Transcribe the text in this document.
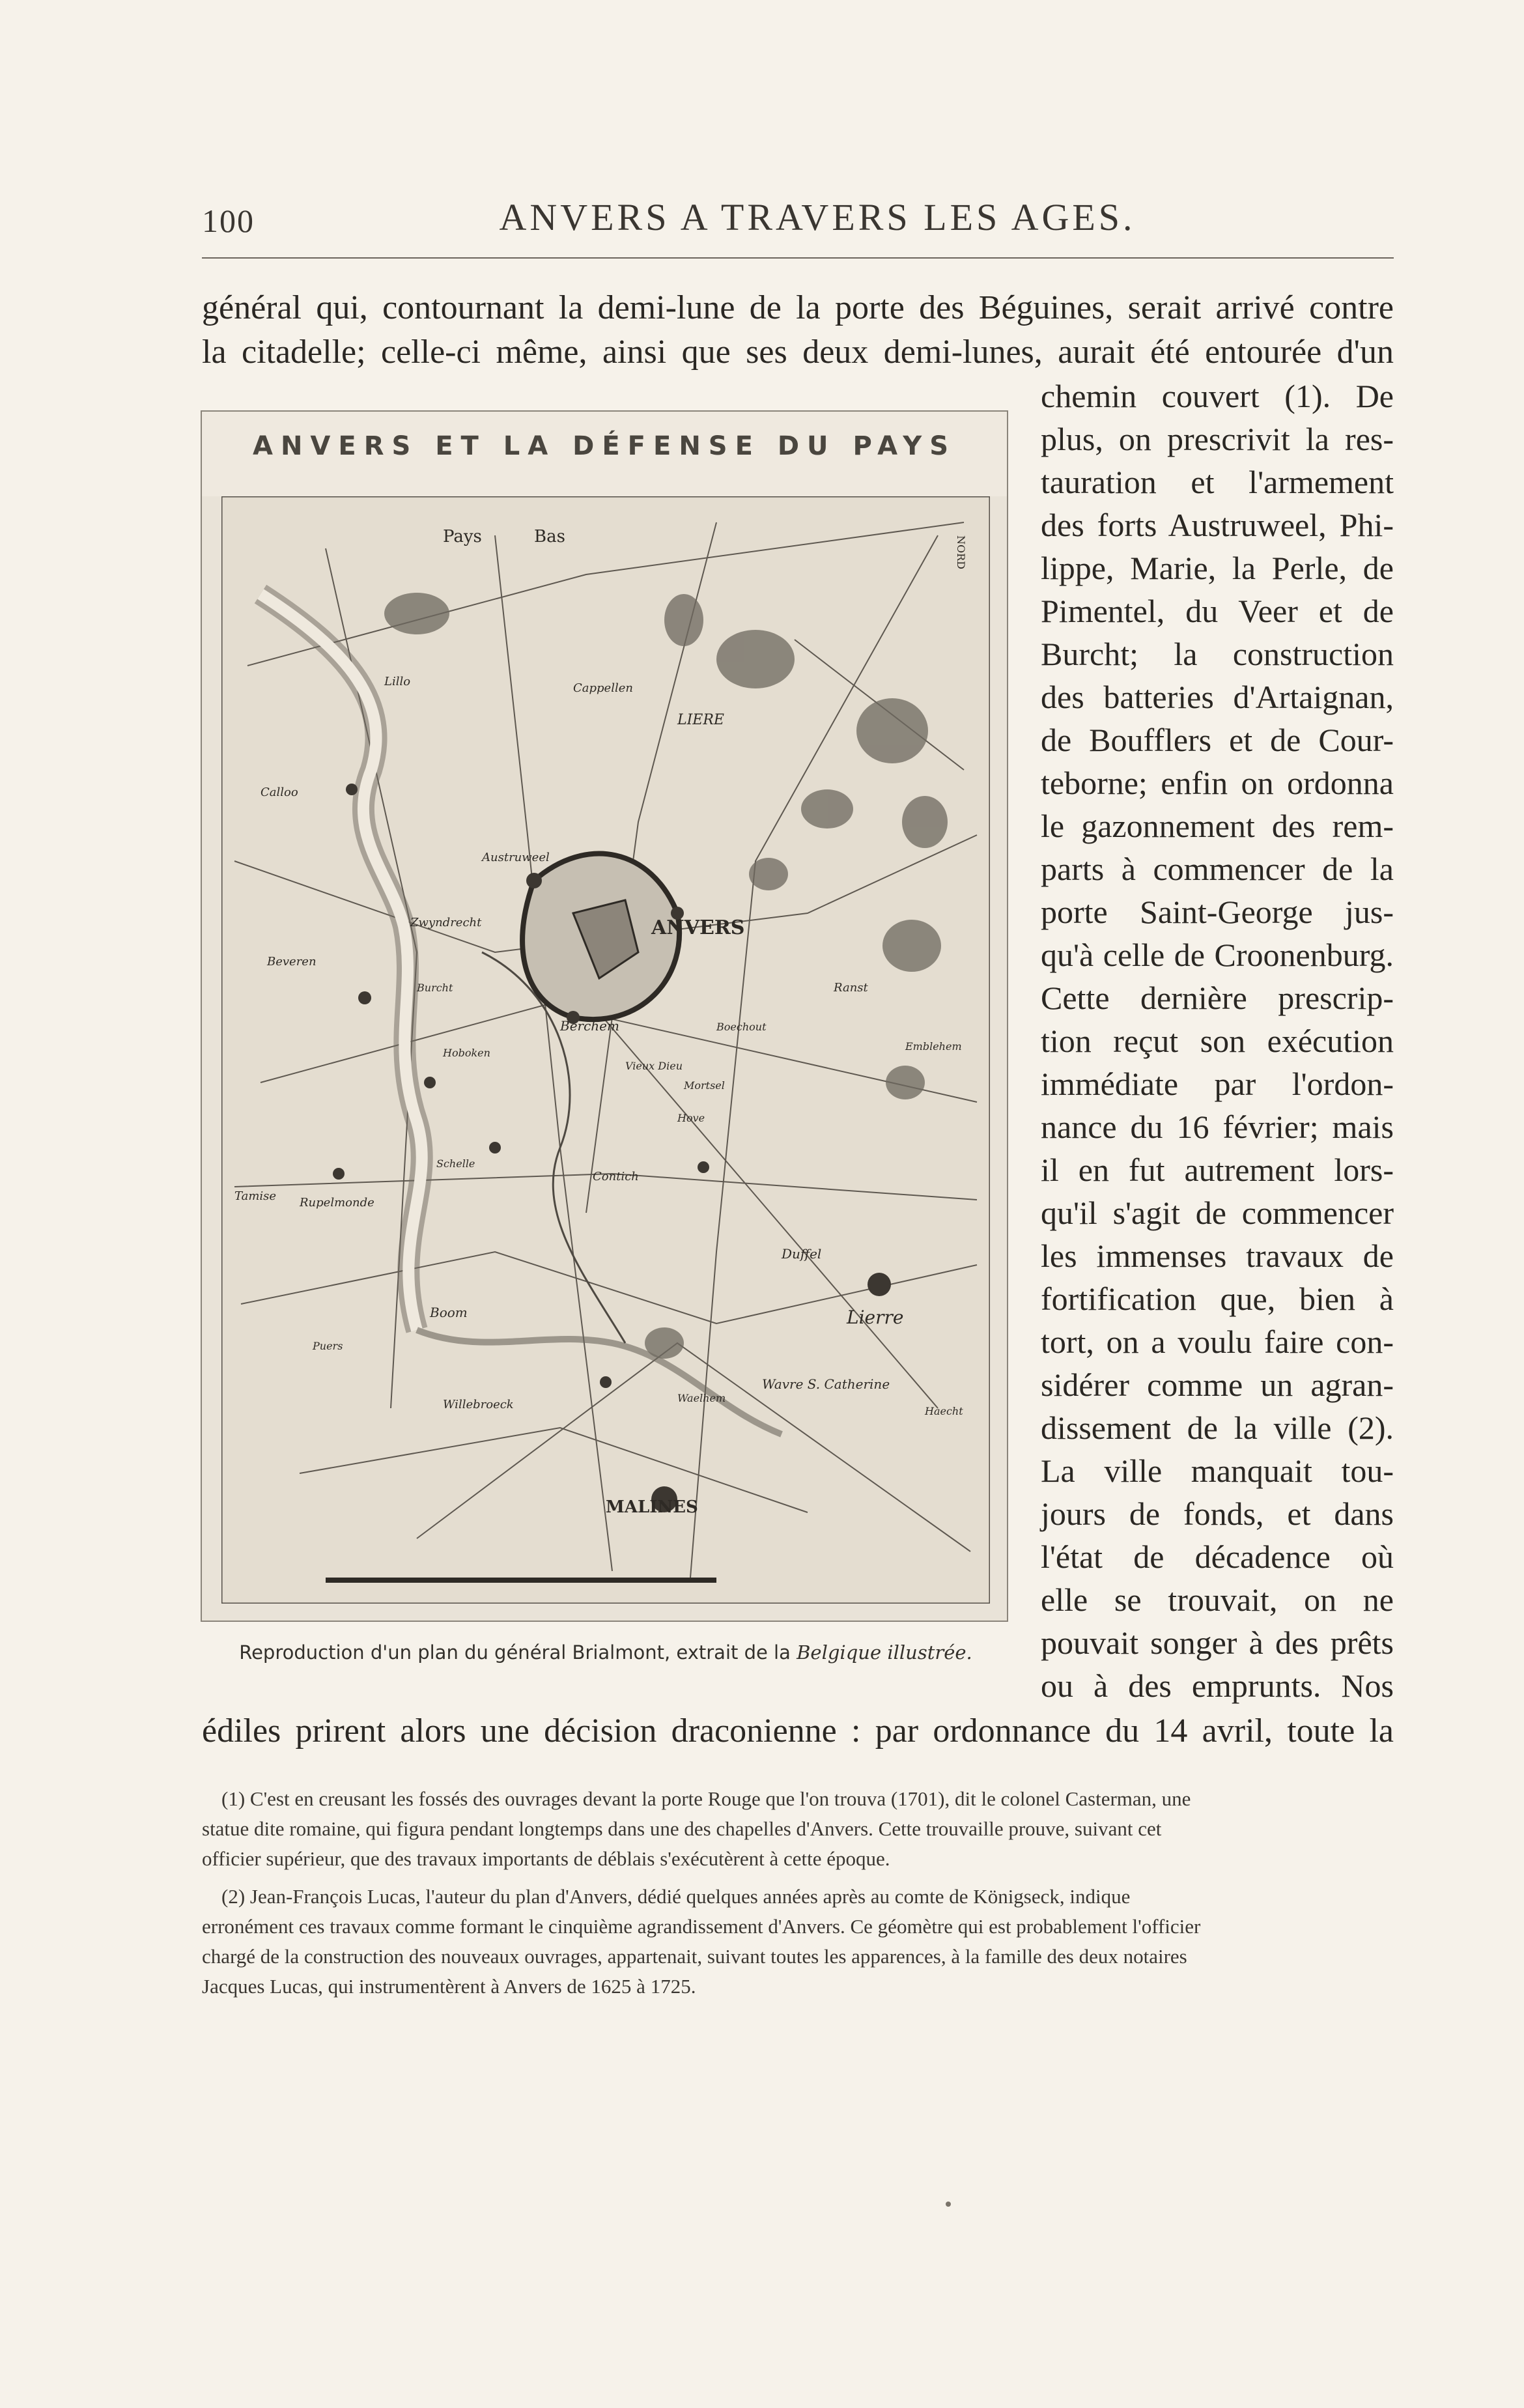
100	ANVERS A TRAVERS LES AGES.
général qui, contournant la demi-lune de la porte des Béguines, serait arrivé contre
la citadelle; celle-ci même, ainsi que ses deux demi-lunes, aurait été entourée d'un
ANVERS ET LA DÉFENSE DU PAYS
Pays	Bas	NORD
LIERE
ANVERS
MALINES
Lierre
Berchem
Austruweel
Zwyndrecht
Boom
Wavre S. Catherine
Duffel
Contich
Emblehem
Cappellen
Lillo
Calloo
Beveren
Tamise Rupelmonde
Willebroeck
Ranst
Boechout
Vieux Dieu
Mortsel
Hove
Waelhem
Hoboken
Burcht
Schelle
Puers
Haecht
Reproduction d'un plan du général Brialmont, extrait de la Belgique illustrée.
chemin couvert (1). De
plus, on prescrivit la res-
tauration et l'armement
des forts Austruweel, Phi-
lippe, Marie, la Perle, de
Pimentel, du Veer et de
Burcht; la construction
des batteries d'Artaignan,
de Boufflers et de Cour-
teborne; enfin on ordonna
le gazonnement des rem-
parts à commencer de la
porte Saint-George jus-
qu'à celle de Croonenburg.
Cette dernière prescrip-
tion reçut son exécution
immédiate par l'ordon-
nance du 16 février; mais
il en fut autrement lors-
qu'il s'agit de commencer
les immenses travaux de
fortification que, bien à
tort, on a voulu faire con-
sidérer comme un agran-
dissement de la ville (2).
La ville manquait tou-
jours de fonds, et dans
l'état de décadence où
elle se trouvait, on ne
pouvait songer à des prêts
ou à des emprunts. Nos
édiles prirent alors une décision draconienne : par ordonnance du 14 avril, toute la
(1) C'est en creusant les fossés des ouvrages devant la porte Rouge que l'on trouva (1701), dit le colonel Casterman, une
statue dite romaine, qui figura pendant longtemps dans une des chapelles d'Anvers. Cette trouvaille prouve, suivant cet
officier supérieur, que des travaux importants de déblais s'exécutèrent à cette époque.
(2) Jean-François Lucas, l'auteur du plan d'Anvers, dédié quelques années après au comte de Königseck, indique
erronément ces travaux comme formant le cinquième agrandissement d'Anvers. Ce géomètre qui est probablement l'officier
chargé de la construction des nouveaux ouvrages, appartenait, suivant toutes les apparences, à la famille des deux notaires
Jacques Lucas, qui instrumentèrent à Anvers de 1625 à 1725.
